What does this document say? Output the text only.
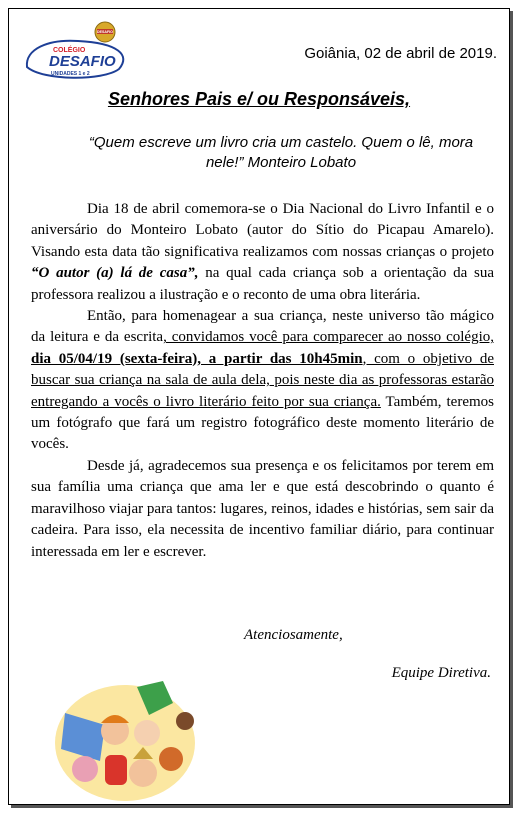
DESAFIO
COLÉGIO
DESAFIO
UNIDADES 1 e 2
Goiânia, 02 de abril de 2019.
Senhores Pais e/ ou Responsáveis,
“Quem escreve um livro cria um castelo. Quem o lê, mora
nele!” Monteiro Lobato

Dia 18 de abril comemora-se o Dia Nacional do Livro Infantil e o aniversário do Monteiro Lobato (autor do Sítio do Picapau Amarelo). Visando esta data tão significativa realizamos com nossas crianças o projeto “O autor (a) lá de casa”, na qual cada criança sob a orientação da sua professora realizou a ilustração e o reconto de uma obra literária.

Então, para homenagear a sua criança, neste universo tão mágico da leitura e da escrita, convidamos você para comparecer ao nosso colégio, dia 05/04/19 (sexta-feira), a partir das 10h45min, com o objetivo de buscar sua criança na sala de aula dela, pois neste dia as professoras estarão entregando a vocês o livro literário feito por sua criança. Também, teremos um fotógrafo que fará um registro fotográfico deste momento literário de vocês.

Desde já, agradecemos sua presença e os felicitamos por terem em sua família uma criança que ama ler e que está descobrindo o quanto é maravilhoso viajar para tantos: lugares, reinos, idades e histórias, sem sair da cadeira. Para isso, ela necessita de incentivo familiar diário, para continuar interessada em ler e escrever.

Atenciosamente,
Equipe Diretiva.
